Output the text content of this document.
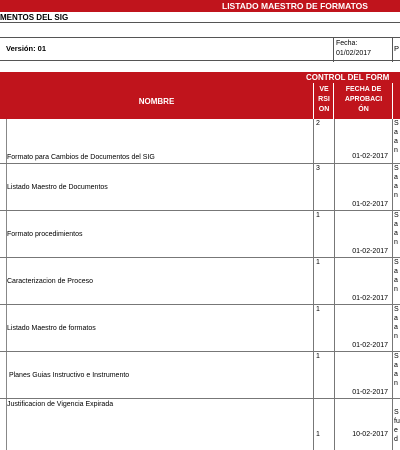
LISTADO MAESTRO DE FORMATOS
MENTOS DEL SIG
Versión: 01
Fecha:
01/02/2017
P
CONTROL DEL FORM
NOMBRE
VE
RSI
ON
FECHA DE
APROBACI
ÓN
Formato para Cambios de Documentos del SIG
2
01-02-2017
S
a
a
n
Listado Maestro de Documentos
3
01-02-2017
S
a
a
n
Formato procedimientos
1
01-02-2017
S
a
a
n
Caracterizacion de Proceso
1
01-02-2017
S
a
a
n
Listado Maestro de formatos
1
01-02-2017
S
a
a
n
Planes Guias Instructivo e Instrumento
1
01-02-2017
S
a
a
n
Justificacion de Vigencia Expirada
1	10-02-2017
S
fu
e
d
